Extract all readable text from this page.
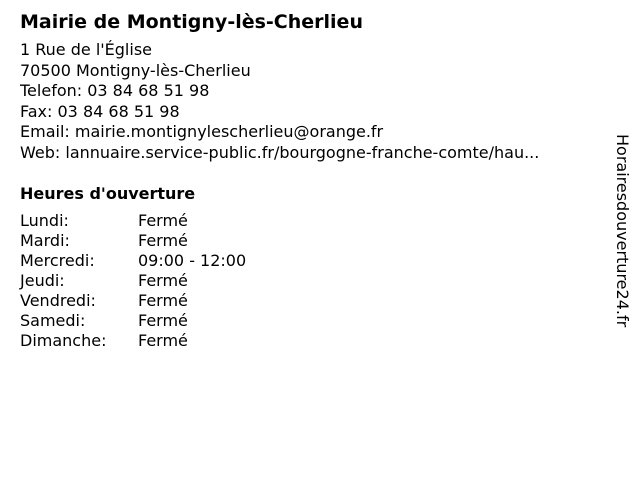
Mairie de Montigny-lès-Cherlieu
1 Rue de l'Église
70500 Montigny-lès-Cherlieu
Telefon: 03 84 68 51 98
Fax: 03 84 68 51 98
Email: mairie.montignylescherlieu@orange.fr
Web: lannuaire.service-public.fr/bourgogne-franche-comte/hau...
Heures d'ouverture
Lundi:	Fermé
Mardi:	Fermé
Mercredi:	09:00 - 12:00
Jeudi:	Fermé
Vendredi:	Fermé
Samedi:	Fermé
Dimanche:	Fermé
Horairesdouverture24.fr
